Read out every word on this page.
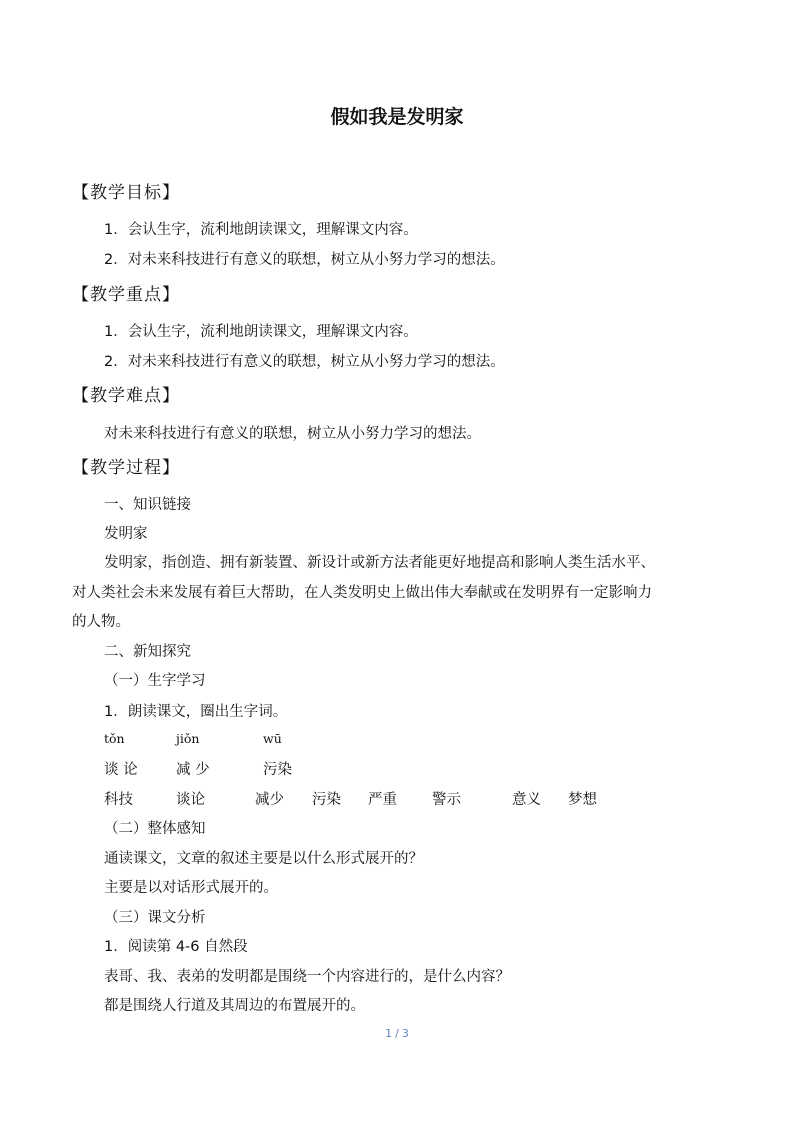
假如我是发明家
【教学目标】
1．会认生字，流利地朗读课文，理解课文内容。
2．对未来科技进行有意义的联想，树立从小努力学习的想法。
【教学重点】
1．会认生字，流利地朗读课文，理解课文内容。
2．对未来科技进行有意义的联想，树立从小努力学习的想法。
【教学难点】
对未来科技进行有意义的联想，树立从小努力学习的想法。
【教学过程】
一、知识链接
发明家
发明家，指创造、拥有新装置、新设计或新方法者能更好地提高和影响人类生活水平、
对人类社会未来发展有着巨大帮助，在人类发明史上做出伟大奉献或在发明界有一定影响力
的人物。
二、新知探究
（一）生字学习
1．朗读课文，圈出生字词。
tǒn	jiǒn	wū
谈 论	减 少	污染
科技	谈论	减少 污染 严重 警示	意义 梦想
（二）整体感知
通读课文，文章的叙述主要是以什么形式展开的？
主要是以对话形式展开的。
（三）课文分析
1．阅读第 4-6 自然段
表哥、我、表弟的发明都是围绕一个内容进行的，是什么内容？
都是围绕人行道及其周边的布置展开的。
1 / 3
